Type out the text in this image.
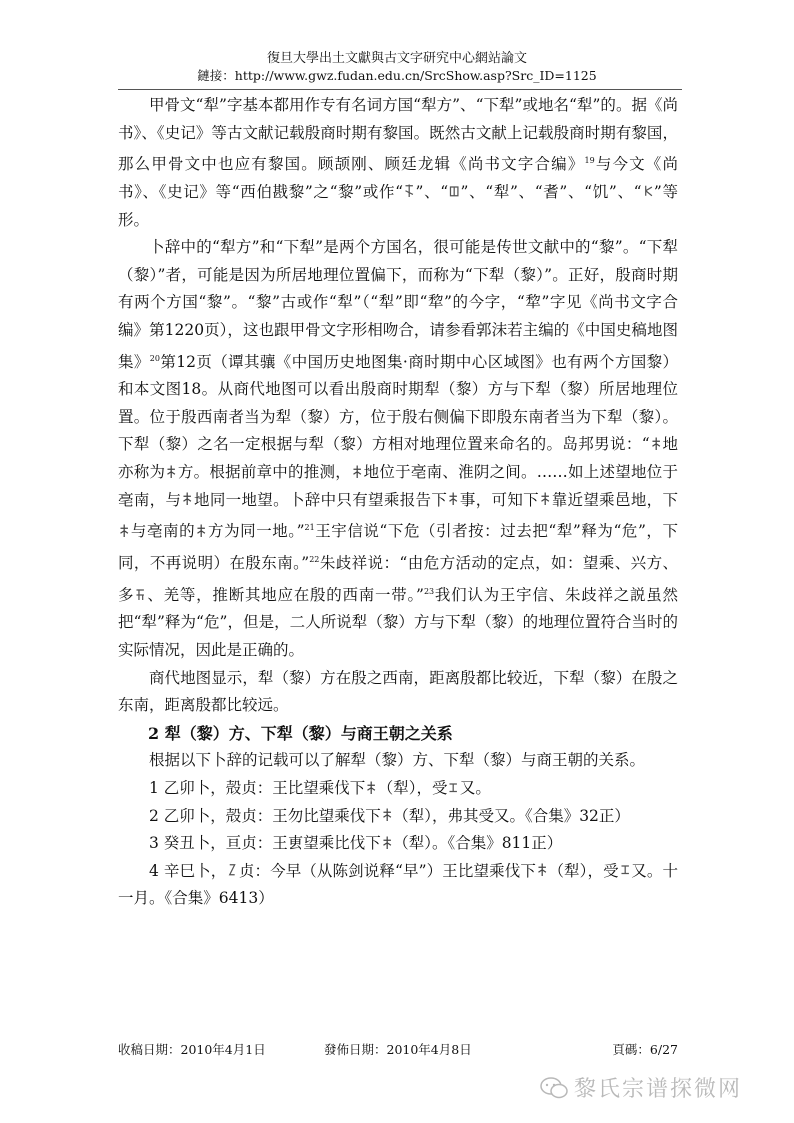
復旦大學出土文獻與古文字研究中心網站論文
鏈接：http://www.gwz.fudan.edu.cn/SrcShow.asp?Src_ID=1125

甲骨文“犁”字基本都用作专有名词方国“犁方”、“下犁”或地名“犁”的。据《尚书》、《史记》等古文献记载殷商时期有黎国。既然古文献上记载殷商时期有黎国，那么甲骨文中也应有黎国。顾颉刚、顾廷龙辑《尚书文字合编》$^{19}$与今文《尚书》、《史记》等“西伯戡黎”之“黎”或作“ ”、“ ”、“犁”、“耆”、“饥”、“ ”等形。

卜辞中的“犁方”和“下犁”是两个方国名，很可能是传世文献中的“黎”。“下犁（黎）”者，可能是因为所居地理位置偏下，而称为“下犁（黎）”。正好，殷商时期有两个方国“黎”。“黎”古或作“犁”（“犁”即“犂”的今字，“犂”字见《尚书文字合编》第1220页），这也跟甲骨文字形相吻合，请参看郭沫若主编的《中国史稿地图集》$^{20}$第12页（谭其骧《中国历史地图集·商时期中心区域图》也有两个方国黎）和本文图18。从商代地图可以看出殷商时期犁（黎）方与下犁（黎）所居地理位置。位于殷西南者当为犁（黎）方，位于殷右侧偏下即殷东南者当为下犁（黎）。下犁（黎）之名一定根据与犁（黎）方相对地理位置来命名的。岛邦男说：“ 地亦称为 方。根据前章中的推测， 地位于亳南、淮阴之间。……如上述望地位于亳南，与 地同一地望。卜辞中只有望乘报告下 事，可知下 靠近望乘邑地，下与亳南的 方为同一地。”$^{21}$王宇信说“下危（引者按：过去把“犁”释为“危”，下同，不再说明）在殷东南。”$^{22}$朱歧祥说：“由危方活动的定点，如：望乘、兴方、多 、羌等，推断其地应在殷的西南一带。”$^{23}$我们认为王宇信、朱歧祥之説虽然把“犁”释为“危”，但是，二人所说犁（黎）方与下犁（黎）的地理位置符合当时的实际情况，因此是正确的。

商代地图显示，犁（黎）方在殷之西南，距离殷都比较近，下犁（黎）在殷之东南，距离殷都比较远。

2 犁（黎）方、下犁（黎）与商王朝之关系

根据以下卜辞的记载可以了解犁（黎）方、下犁（黎）与商王朝的关系。

1 乙卯卜，殻贞：王比望乘伐下 （犁），受 又。

2 乙卯卜，殻贞：王勿比望乘伐下 （犁），弗其受又。《合集》32正）

3 癸丑卜，亘贞：王叀望乘比伐下 （犁）。《合集》811正）

4 辛巳卜， 贞：今早（从陈剑说释“早”）王比望乘伐下 （犁），受 又。十一月。《合集》6413）

收稿日期：2010年4月1日	發佈日期：2010年4月8日	頁碼：6/27
黎氏宗谱探微网
